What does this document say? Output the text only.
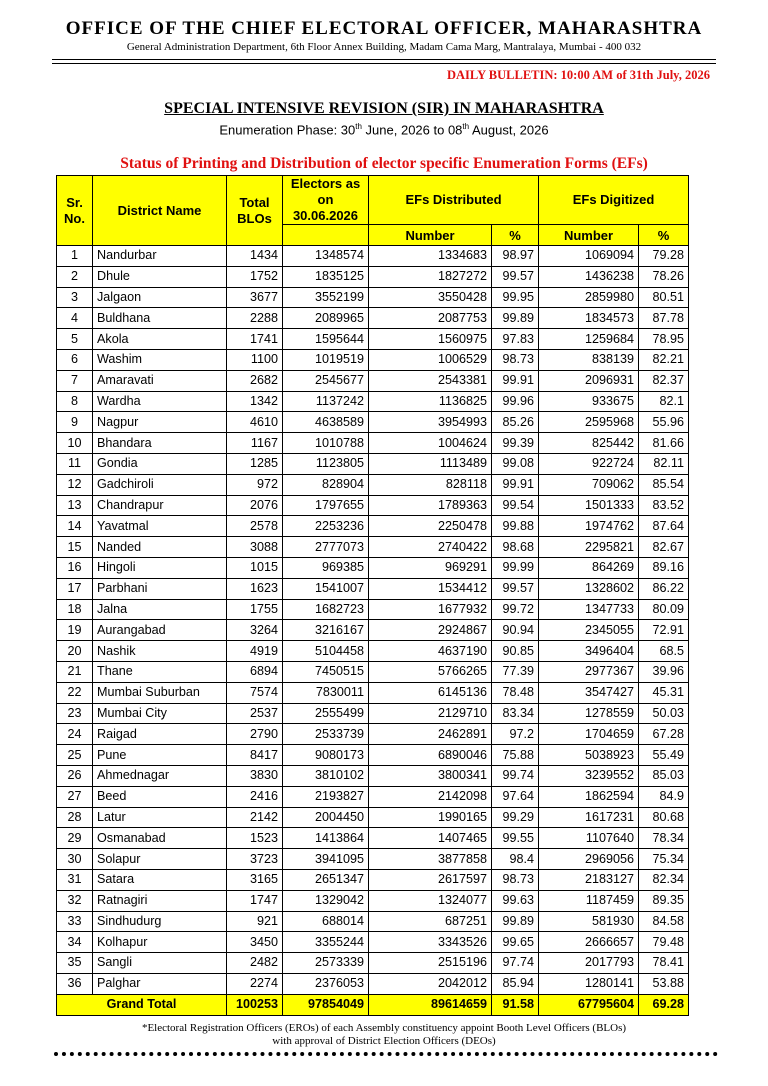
OFFICE OF THE CHIEF ELECTORAL OFFICER, MAHARASHTRA
General Administration Department, 6th Floor Annex Building, Madam Cama Marg, Mantralaya, Mumbai - 400 032
DAILY BULLETIN: 10:00 AM of 31th July, 2026
SPECIAL INTENSIVE REVISION (SIR) IN MAHARASHTRA
Enumeration Phase: 30th June, 2026 to 08th August, 2026
Status of Printing and Distribution of elector specific Enumeration Forms (EFs)
Sr. No.	District Name	Total BLOs	Electors as on 30.06.2026	EFs Distributed		EFs Digitized	
				Number	%	Number	%
1	Nandurbar	1434	1348574	1334683	98.97	1069094	79.28
2	Dhule	1752	1835125	1827272	99.57	1436238	78.26
3	Jalgaon	3677	3552199	3550428	99.95	2859980	80.51
4	Buldhana	2288	2089965	2087753	99.89	1834573	87.78
5	Akola	1741	1595644	1560975	97.83	1259684	78.95
6	Washim	1100	1019519	1006529	98.73	838139	82.21
7	Amaravati	2682	2545677	2543381	99.91	2096931	82.37
8	Wardha	1342	1137242	1136825	99.96	933675	82.1
9	Nagpur	4610	4638589	3954993	85.26	2595968	55.96
10	Bhandara	1167	1010788	1004624	99.39	825442	81.66
11	Gondia	1285	1123805	1113489	99.08	922724	82.11
12	Gadchiroli	972	828904	828118	99.91	709062	85.54
13	Chandrapur	2076	1797655	1789363	99.54	1501333	83.52
14	Yavatmal	2578	2253236	2250478	99.88	1974762	87.64
15	Nanded	3088	2777073	2740422	98.68	2295821	82.67
16	Hingoli	1015	969385	969291	99.99	864269	89.16
17	Parbhani	1623	1541007	1534412	99.57	1328602	86.22
18	Jalna	1755	1682723	1677932	99.72	1347733	80.09
19	Aurangabad	3264	3216167	2924867	90.94	2345055	72.91
20	Nashik	4919	5104458	4637190	90.85	3496404	68.5
21	Thane	6894	7450515	5766265	77.39	2977367	39.96
22	Mumbai Suburban	7574	7830011	6145136	78.48	3547427	45.31
23	Mumbai City	2537	2555499	2129710	83.34	1278559	50.03
24	Raigad	2790	2533739	2462891	97.2	1704659	67.28
25	Pune	8417	9080173	6890046	75.88	5038923	55.49
26	Ahmednagar	3830	3810102	3800341	99.74	3239552	85.03
27	Beed	2416	2193827	2142098	97.64	1862594	84.9
28	Latur	2142	2004450	1990165	99.29	1617231	80.68
29	Osmanabad	1523	1413864	1407465	99.55	1107640	78.34
30	Solapur	3723	3941095	3877858	98.4	2969056	75.34
31	Satara	3165	2651347	2617597	98.73	2183127	82.34
32	Ratnagiri	1747	1329042	1324077	99.63	1187459	89.35
33	Sindhudurg	921	688014	687251	99.89	581930	84.58
34	Kolhapur	3450	3355244	3343526	99.65	2666657	79.48
35	Sangli	2482	2573339	2515196	97.74	2017793	78.41
36	Palghar	2274	2376053	2042012	85.94	1280141	53.88
Grand Total		100253	97854049	89614659	91.58	67795604	69.28
*Electoral Registration Officers (EROs) of each Assembly constituency appoint Booth Level Officers (BLOs)
with approval of District Election Officers (DEOs)
